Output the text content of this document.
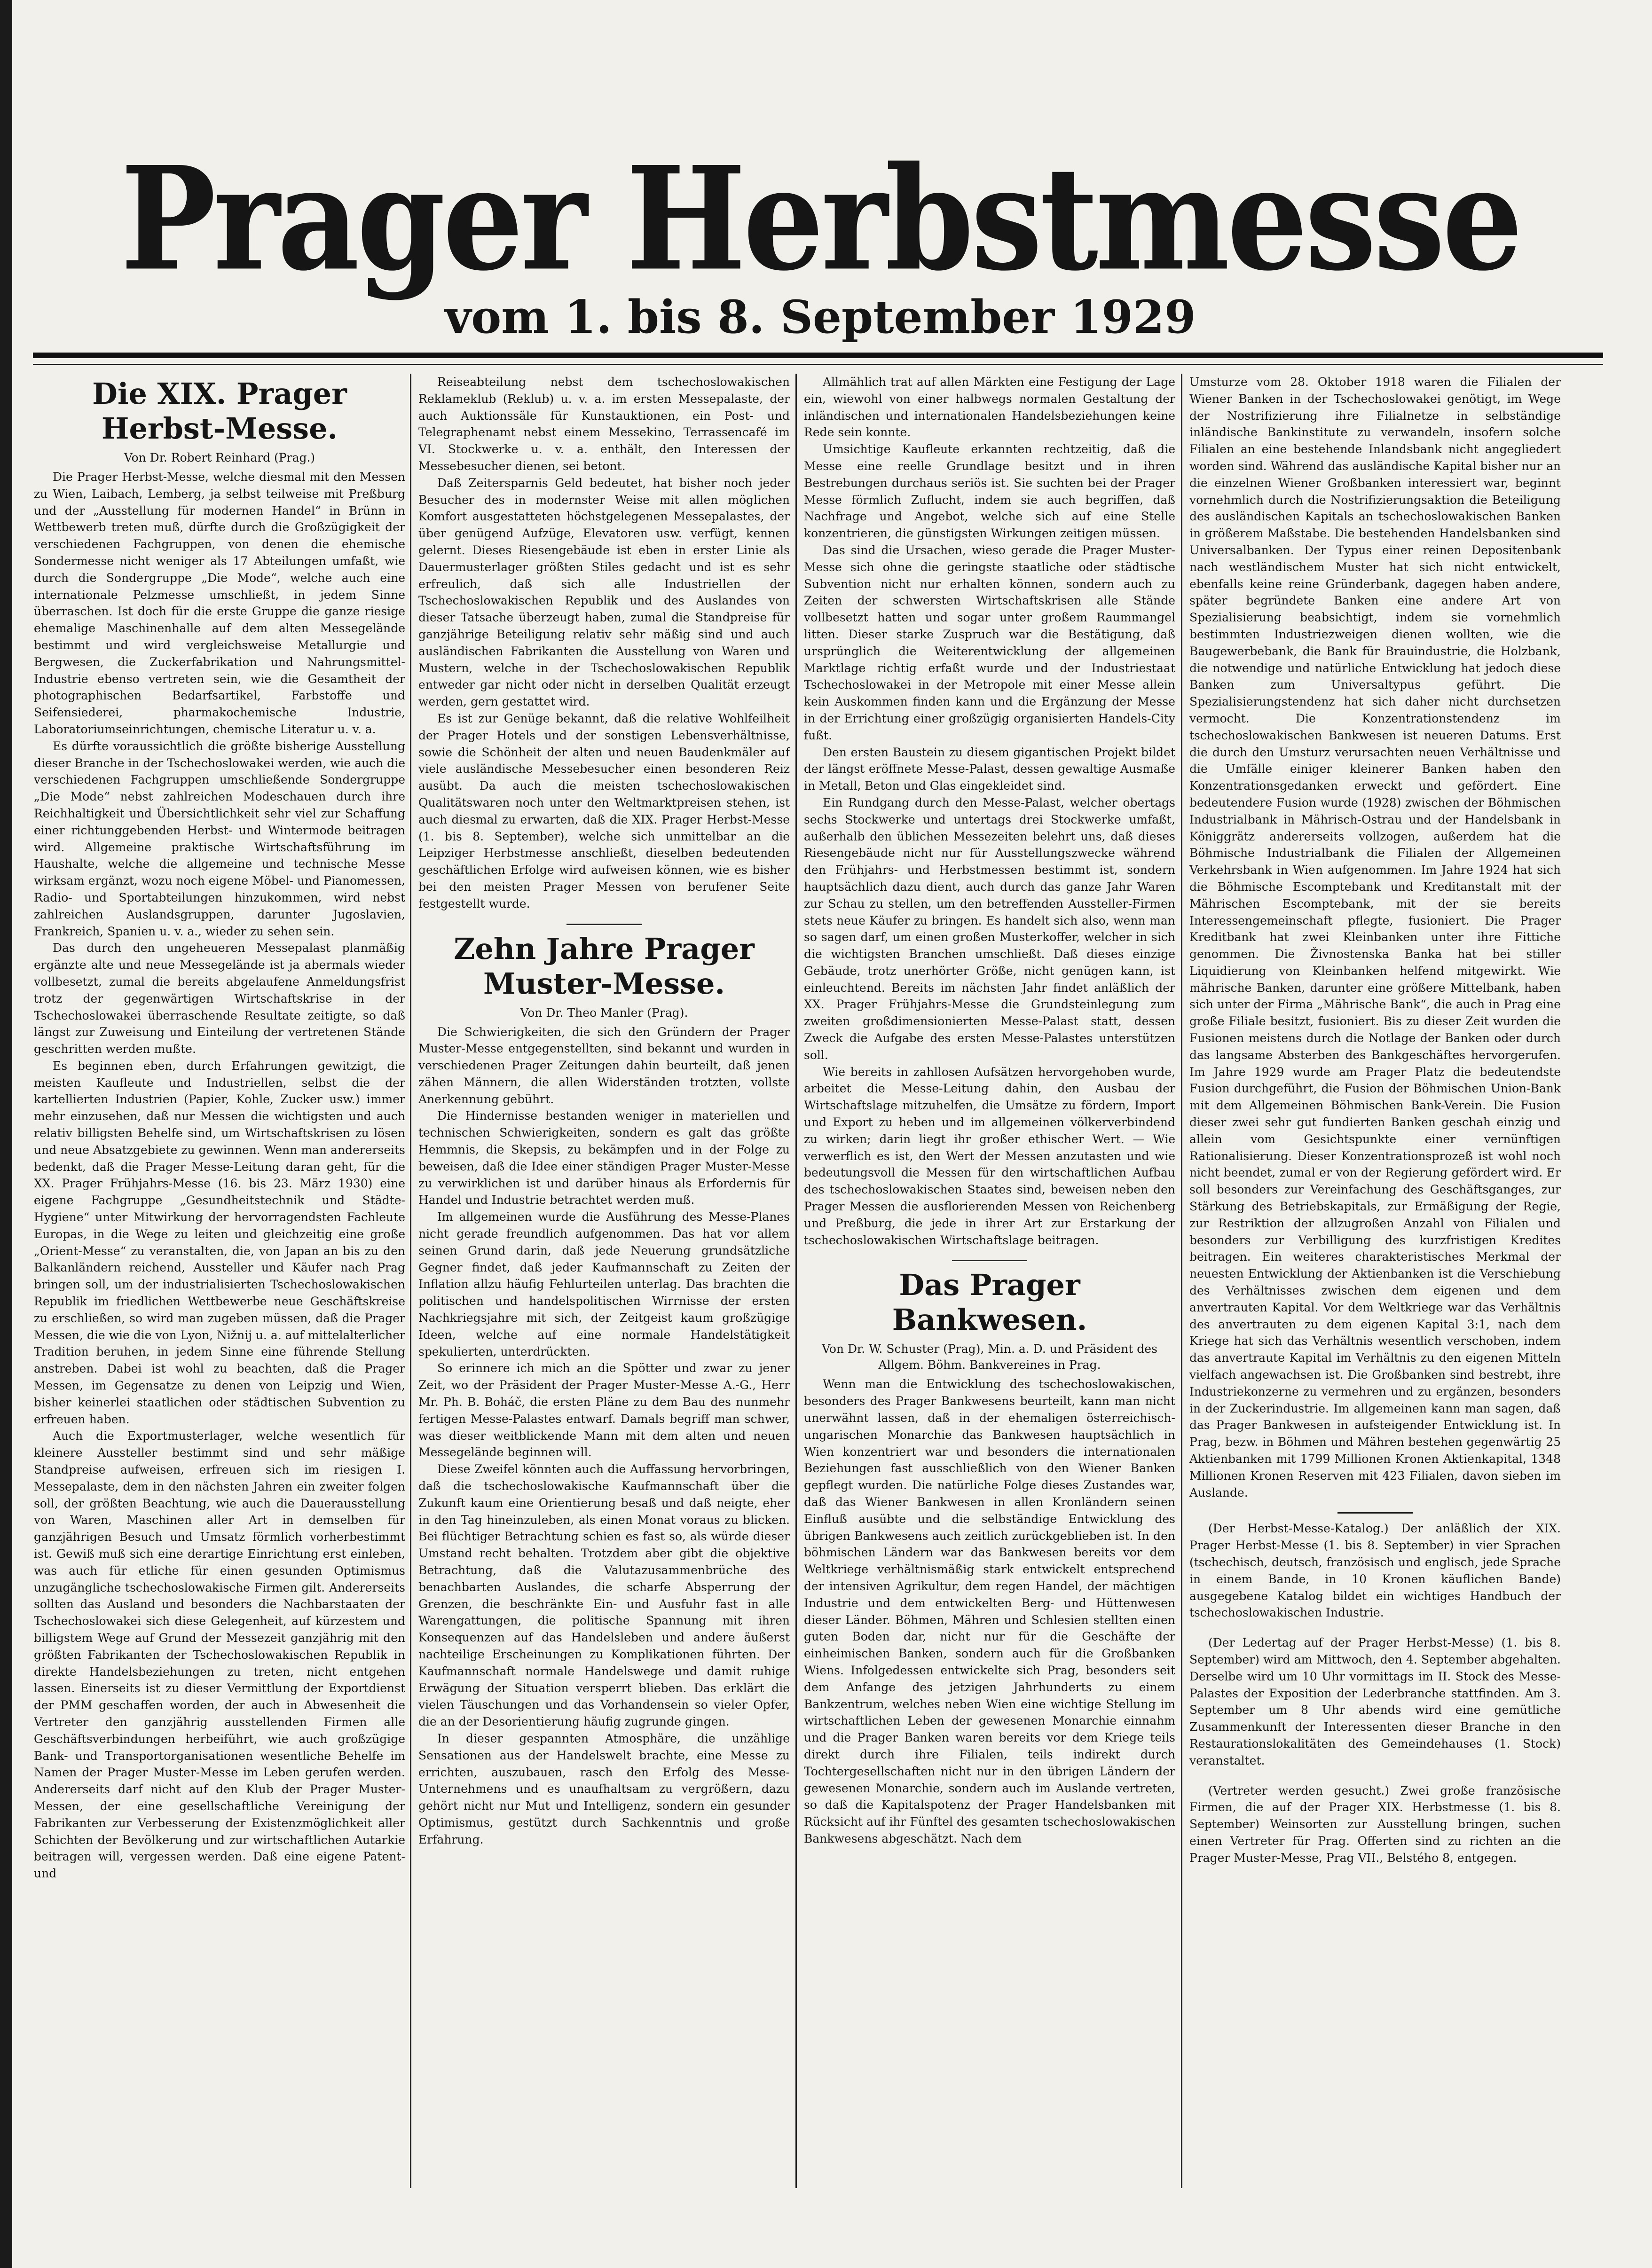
Prager Herbstmesse
vom 1. bis 8. September 1929
Die XIX. Prager Herbst-Messe.
Von Dr. Robert Reinhard (Prag.)

Die Prager Herbst-Messe, welche diesmal mit den Messen zu Wien, Laibach, Lemberg, ja selbst teilweise mit Preßburg und der „Ausstellung für modernen Handel“ in Brünn in Wettbewerb treten muß, dürfte durch die Großzügigkeit der verschiedenen Fachgruppen, von denen die ehemische Sondermesse nicht weniger als 17 Abteilungen umfaßt, wie durch die Sondergruppe „Die Mode“, welche auch eine internationale Pelzmesse umschließt, in jedem Sinne überraschen. Ist doch für die erste Gruppe die ganze riesige ehemalige Maschinenhalle auf dem alten Messegelände bestimmt und wird vergleichsweise Metallurgie und Bergwesen, die Zuckerfabrikation und Nahrungsmittel-Industrie ebenso vertreten sein, wie die Gesamtheit der photographischen Bedarfsartikel, Farbstoffe und Seifensiederei, pharmakochemische Industrie, Laboratoriumseinrichtungen, chemische Literatur u. v. a.

Es dürfte voraussichtlich die größte bisherige Ausstellung dieser Branche in der Tschechoslowakei werden, wie auch die verschiedenen Fachgruppen umschließende Sondergruppe „Die Mode“ nebst zahlreichen Modeschauen durch ihre Reichhaltigkeit und Übersichtlichkeit sehr viel zur Schaffung einer richtunggebenden Herbst- und Wintermode beitragen wird. Allgemeine praktische Wirtschaftsführung im Haushalte, welche die allgemeine und technische Messe wirksam ergänzt, wozu noch eigene Möbel- und Pianomessen, Radio- und Sportabteilungen hinzukommen, wird nebst zahlreichen Auslandsgruppen, darunter Jugoslavien, Frankreich, Spanien u. v. a., wieder zu sehen sein.

Das durch den ungeheueren Messepalast planmäßig ergänzte alte und neue Messegelände ist ja abermals wieder vollbesetzt, zumal die bereits abgelaufene Anmeldungsfrist trotz der gegenwärtigen Wirtschaftskrise in der Tschechoslowakei überraschende Resultate zeitigte, so daß längst zur Zuweisung und Einteilung der vertretenen Stände geschritten werden mußte.

Es beginnen eben, durch Erfahrungen gewitzigt, die meisten Kaufleute und Industriellen, selbst die der kartellierten Industrien (Papier, Kohle, Zucker usw.) immer mehr einzusehen, daß nur Messen die wichtigsten und auch relativ billigsten Behelfe sind, um Wirtschaftskrisen zu lösen und neue Absatzgebiete zu gewinnen. Wenn man andererseits bedenkt, daß die Prager Messe-Leitung daran geht, für die XX. Prager Frühjahrs-Messe (16. bis 23. März 1930) eine eigene Fachgruppe „Gesundheitstechnik und Städte-Hygiene“ unter Mitwirkung der hervorragendsten Fachleute Europas, in die Wege zu leiten und gleichzeitig eine große „Orient-Messe“ zu veranstalten, die, von Japan an bis zu den Balkanländern reichend, Aussteller und Käufer nach Prag bringen soll, um der industrialisierten Tschechoslowakischen Republik im friedlichen Wettbewerbe neue Geschäftskreise zu erschließen, so wird man zugeben müssen, daß die Prager Messen, die wie die von Lyon, Nižnij u. a. auf mittelalterlicher Tradition beruhen, in jedem Sinne eine führende Stellung anstreben. Dabei ist wohl zu beachten, daß die Prager Messen, im Gegensatze zu denen von Leipzig und Wien, bisher keinerlei staatlichen oder städtischen Subvention zu erfreuen haben.

Auch die Exportmusterlager, welche wesentlich für kleinere Aussteller bestimmt sind und sehr mäßige Standpreise aufweisen, erfreuen sich im riesigen I. Messepalaste, dem in den nächsten Jahren ein zweiter folgen soll, der größten Beachtung, wie auch die Dauerausstellung von Waren, Maschinen aller Art in demselben für ganzjährigen Besuch und Umsatz förmlich vorherbestimmt ist. Gewiß muß sich eine derartige Einrichtung erst einleben, was auch für etliche für einen gesunden Optimismus unzugängliche tschechoslowakische Firmen gilt. Andererseits sollten das Ausland und besonders die Nachbarstaaten der Tschechoslowakei sich diese Gelegenheit, auf kürzestem und billigstem Wege auf Grund der Messezeit ganzjährig mit den größten Fabrikanten der Tschechoslowakischen Republik in direkte Handelsbeziehungen zu treten, nicht entgehen lassen. Einerseits ist zu dieser Vermittlung der Exportdienst der PMM geschaffen worden, der auch in Abwesenheit die Vertreter den ganzjährig ausstellenden Firmen alle Geschäftsverbindungen herbeiführt, wie auch großzügige Bank- und Transportorganisationen wesentliche Behelfe im Namen der Prager Muster-Messe im Leben gerufen werden. Andererseits darf nicht auf den Klub der Prager Muster-Messen, der eine gesellschaftliche Vereinigung der Fabrikanten zur Verbesserung der Existenzmöglichkeit aller Schichten der Bevölkerung und zur wirtschaftlichen Autarkie beitragen will, vergessen werden. Daß eine eigene Patent- und

Reiseabteilung nebst dem tschechoslowakischen Reklameklub (Reklub) u. v. a. im ersten Messepalaste, der auch Auktionssäle für Kunstauktionen, ein Post- und Telegraphenamt nebst einem Messekino, Terrassencafé im VI. Stockwerke u. v. a. enthält, den Interessen der Messebesucher dienen, sei betont.

Daß Zeitersparnis Geld bedeutet, hat bisher noch jeder Besucher des in modernster Weise mit allen möglichen Komfort ausgestatteten höchstgelegenen Messepalastes, der über genügend Aufzüge, Elevatoren usw. verfügt, kennen gelernt. Dieses Riesengebäude ist eben in erster Linie als Dauermusterlager größten Stiles gedacht und ist es sehr erfreulich, daß sich alle Industriellen der Tschechoslowakischen Republik und des Auslandes von dieser Tatsache überzeugt haben, zumal die Standpreise für ganzjährige Beteiligung relativ sehr mäßig sind und auch ausländischen Fabrikanten die Ausstellung von Waren und Mustern, welche in der Tschechoslowakischen Republik entweder gar nicht oder nicht in derselben Qualität erzeugt werden, gern gestattet wird.

Es ist zur Genüge bekannt, daß die relative Wohlfeilheit der Prager Hotels und der sonstigen Lebensverhältnisse, sowie die Schönheit der alten und neuen Baudenkmäler auf viele ausländische Messebesucher einen besonderen Reiz ausübt. Da auch die meisten tschechoslowakischen Qualitätswaren noch unter den Weltmarktpreisen stehen, ist auch diesmal zu erwarten, daß die XIX. Prager Herbst-Messe (1. bis 8. September), welche sich unmittelbar an die Leipziger Herbstmesse anschließt, dieselben bedeutenden geschäftlichen Erfolge wird aufweisen können, wie es bisher bei den meisten Prager Messen von berufener Seite festgestellt wurde.

Zehn Jahre Prager Muster-Messe.
Von Dr. Theo Manler (Prag).

Die Schwierigkeiten, die sich den Gründern der Prager Muster-Messe entgegenstellten, sind bekannt und wurden in verschiedenen Prager Zeitungen dahin beurteilt, daß jenen zähen Männern, die allen Widerständen trotzten, vollste Anerkennung gebührt.

Die Hindernisse bestanden weniger in materiellen und technischen Schwierigkeiten, sondern es galt das größte Hemmnis, die Skepsis, zu bekämpfen und in der Folge zu beweisen, daß die Idee einer ständigen Prager Muster-Messe zu verwirklichen ist und darüber hinaus als Erfordernis für Handel und Industrie betrachtet werden muß.

Im allgemeinen wurde die Ausführung des Messe-Planes nicht gerade freundlich aufgenommen. Das hat vor allem seinen Grund darin, daß jede Neuerung grundsätzliche Gegner findet, daß jeder Kaufmannschaft zu Zeiten der Inflation allzu häufig Fehlurteilen unterlag. Das brachten die politischen und handelspolitischen Wirrnisse der ersten Nachkriegsjahre mit sich, der Zeitgeist kaum großzügige Ideen, welche auf eine normale Handelstätigkeit spekulierten, unterdrückten.

So erinnere ich mich an die Spötter und zwar zu jener Zeit, wo der Präsident der Prager Muster-Messe A.-G., Herr Mr. Ph. B. Boháč, die ersten Pläne zu dem Bau des nunmehr fertigen Messe-Palastes entwarf. Damals begriff man schwer, was dieser weitblickende Mann mit dem alten und neuen Messegelände beginnen will.

Diese Zweifel könnten auch die Auffassung hervorbringen, daß die tschechoslowakische Kaufmannschaft über die Zukunft kaum eine Orientierung besaß und daß neigte, eher in den Tag hineinzuleben, als einen Monat voraus zu blicken. Bei flüchtiger Betrachtung schien es fast so, als würde dieser Umstand recht behalten. Trotzdem aber gibt die objektive Betrachtung, daß die Valutazusammenbrüche des benachbarten Auslandes, die scharfe Absperrung der Grenzen, die beschränkte Ein- und Ausfuhr fast in alle Warengattungen, die politische Spannung mit ihren Konsequenzen auf das Handelsleben und andere äußerst nachteilige Erscheinungen zu Komplikationen führten. Der Kaufmannschaft normale Handelswege und damit ruhige Erwägung der Situation versperrt blieben. Das erklärt die vielen Täuschungen und das Vorhandensein so vieler Opfer, die an der Desorientierung häufig zugrunde gingen.

In dieser gespannten Atmosphäre, die unzählige Sensationen aus der Handelswelt brachte, eine Messe zu errichten, auszubauen, rasch den Erfolg des Messe-Unternehmens und es unaufhaltsam zu vergrößern, dazu gehört nicht nur Mut und Intelligenz, sondern ein gesunder Optimismus, gestützt durch Sachkenntnis und große Erfahrung.

Allmählich trat auf allen Märkten eine Festigung der Lage ein, wiewohl von einer halbwegs normalen Gestaltung der inländischen und internationalen Handelsbeziehungen keine Rede sein konnte.

Umsichtige Kaufleute erkannten rechtzeitig, daß die Messe eine reelle Grundlage besitzt und in ihren Bestrebungen durchaus seriös ist. Sie suchten bei der Prager Messe förmlich Zuflucht, indem sie auch begriffen, daß Nachfrage und Angebot, welche sich auf eine Stelle konzentrieren, die günstigsten Wirkungen zeitigen müssen.

Das sind die Ursachen, wieso gerade die Prager Muster-Messe sich ohne die geringste staatliche oder städtische Subvention nicht nur erhalten können, sondern auch zu Zeiten der schwersten Wirtschaftskrisen alle Stände vollbesetzt hatten und sogar unter großem Raummangel litten. Dieser starke Zuspruch war die Bestätigung, daß ursprünglich die Weiterentwicklung der allgemeinen Marktlage richtig erfaßt wurde und der Industriestaat Tschechoslowakei in der Metropole mit einer Messe allein kein Auskommen finden kann und die Ergänzung der Messe in der Errichtung einer großzügig organisierten Handels-City fußt.

Den ersten Baustein zu diesem gigantischen Projekt bildet der längst eröffnete Messe-Palast, dessen gewaltige Ausmaße in Metall, Beton und Glas eingekleidet sind.

Ein Rundgang durch den Messe-Palast, welcher obertags sechs Stockwerke und untertags drei Stockwerke umfaßt, außerhalb den üblichen Messezeiten belehrt uns, daß dieses Riesengebäude nicht nur für Ausstellungszwecke während den Frühjahrs- und Herbstmessen bestimmt ist, sondern hauptsächlich dazu dient, auch durch das ganze Jahr Waren zur Schau zu stellen, um den betreffenden Aussteller-Firmen stets neue Käufer zu bringen. Es handelt sich also, wenn man so sagen darf, um einen großen Musterkoffer, welcher in sich die wichtigsten Branchen umschließt. Daß dieses einzige Gebäude, trotz unerhörter Größe, nicht genügen kann, ist einleuchtend. Bereits im nächsten Jahr findet anläßlich der XX. Prager Frühjahrs-Messe die Grundsteinlegung zum zweiten großdimensionierten Messe-Palast statt, dessen Zweck die Aufgabe des ersten Messe-Palastes unterstützen soll.

Wie bereits in zahllosen Aufsätzen hervorgehoben wurde, arbeitet die Messe-Leitung dahin, den Ausbau der Wirtschaftslage mitzuhelfen, die Umsätze zu fördern, Import und Export zu heben und im allgemeinen völkerverbindend zu wirken; darin liegt ihr großer ethischer Wert. — Wie verwerflich es ist, den Wert der Messen anzutasten und wie bedeutungsvoll die Messen für den wirtschaftlichen Aufbau des tschechoslowakischen Staates sind, beweisen neben den Prager Messen die ausflorierenden Messen von Reichenberg und Preßburg, die jede in ihrer Art zur Erstarkung der tschechoslowakischen Wirtschaftslage beitragen.

Das Prager Bankwesen.
Von Dr. W. Schuster (Prag), Min. a. D. und Präsident des Allgem. Böhm. Bankvereines in Prag.

Wenn man die Entwicklung des tschechoslowakischen, besonders des Prager Bankwesens beurteilt, kann man nicht unerwähnt lassen, daß in der ehemaligen österreichisch-ungarischen Monarchie das Bankwesen hauptsächlich in Wien konzentriert war und besonders die internationalen Beziehungen fast ausschließlich von den Wiener Banken gepflegt wurden. Die natürliche Folge dieses Zustandes war, daß das Wiener Bankwesen in allen Kronländern seinen Einfluß ausübte und die selbständige Entwicklung des übrigen Bankwesens auch zeitlich zurückgeblieben ist. In den böhmischen Ländern war das Bankwesen bereits vor dem Weltkriege verhältnismäßig stark entwickelt entsprechend der intensiven Agrikultur, dem regen Handel, der mächtigen Industrie und dem entwickelten Berg- und Hüttenwesen dieser Länder. Böhmen, Mähren und Schlesien stellten einen guten Boden dar, nicht nur für die Geschäfte der einheimischen Banken, sondern auch für die Großbanken Wiens. Infolgedessen entwickelte sich Prag, besonders seit dem Anfange des jetzigen Jahrhunderts zu einem Bankzentrum, welches neben Wien eine wichtige Stellung im wirtschaftlichen Leben der gewesenen Monarchie einnahm und die Prager Banken waren bereits vor dem Kriege teils direkt durch ihre Filialen, teils indirekt durch Tochtergesellschaften nicht nur in den übrigen Ländern der gewesenen Monarchie, sondern auch im Auslande vertreten, so daß die Kapitalspotenz der Prager Handelsbanken mit Rücksicht auf ihr Fünftel des gesamten tschechoslowakischen Bankwesens abgeschätzt. Nach dem

Umsturze vom 28. Oktober 1918 waren die Filialen der Wiener Banken in der Tschechoslowakei genötigt, im Wege der Nostrifizierung ihre Filialnetze in selbständige inländische Bankinstitute zu verwandeln, insofern solche Filialen an eine bestehende Inlandsbank nicht angegliedert worden sind. Während das ausländische Kapital bisher nur an die einzelnen Wiener Großbanken interessiert war, beginnt vornehmlich durch die Nostrifizierungsaktion die Beteiligung des ausländischen Kapitals an tschechoslowakischen Banken in größerem Maßstabe. Die bestehenden Handelsbanken sind Universalbanken. Der Typus einer reinen Depositenbank nach westländischem Muster hat sich nicht entwickelt, ebenfalls keine reine Gründerbank, dagegen haben andere, später begründete Banken eine andere Art von Spezialisierung beabsichtigt, indem sie vornehmlich bestimmten Industriezweigen dienen wollten, wie die Baugewerbebank, die Bank für Brauindustrie, die Holzbank, die notwendige und natürliche Entwicklung hat jedoch diese Banken zum Universaltypus geführt. Die Spezialisierungstendenz hat sich daher nicht durchsetzen vermocht. Die Konzentrationstendenz im tschechoslowakischen Bankwesen ist neueren Datums. Erst die durch den Umsturz verursachten neuen Verhältnisse und die Umfälle einiger kleinerer Banken haben den Konzentrationsgedanken erweckt und gefördert. Eine bedeutendere Fusion wurde (1928) zwischen der Böhmischen Industrialbank in Mährisch-Ostrau und der Handelsbank in Königgrätz andererseits vollzogen, außerdem hat die Böhmische Industrialbank die Filialen der Allgemeinen Verkehrsbank in Wien aufgenommen. Im Jahre 1924 hat sich die Böhmische Escomptebank und Kreditanstalt mit der Mährischen Escomptebank, mit der sie bereits Interessengemeinschaft pflegte, fusioniert. Die Prager Kreditbank hat zwei Kleinbanken unter ihre Fittiche genommen. Die Živnostenska Banka hat bei stiller Liquidierung von Kleinbanken helfend mitgewirkt. Wie mährische Banken, darunter eine größere Mittelbank, haben sich unter der Firma „Mährische Bank“, die auch in Prag eine große Filiale besitzt, fusioniert. Bis zu dieser Zeit wurden die Fusionen meistens durch die Notlage der Banken oder durch das langsame Absterben des Bankgeschäftes hervorgerufen. Im Jahre 1929 wurde am Prager Platz die bedeutendste Fusion durchgeführt, die Fusion der Böhmischen Union-Bank mit dem Allgemeinen Böhmischen Bank-Verein. Die Fusion dieser zwei sehr gut fundierten Banken geschah einzig und allein vom Gesichtspunkte einer vernünftigen Rationalisierung. Dieser Konzentrationsprozeß ist wohl noch nicht beendet, zumal er von der Regierung gefördert wird. Er soll besonders zur Vereinfachung des Geschäftsganges, zur Stärkung des Betriebskapitals, zur Ermäßigung der Regie, zur Restriktion der allzugroßen Anzahl von Filialen und besonders zur Verbilligung des kurzfristigen Kredites beitragen. Ein weiteres charakteristisches Merkmal der neuesten Entwicklung der Aktienbanken ist die Verschiebung des Verhältnisses zwischen dem eigenen und dem anvertrauten Kapital. Vor dem Weltkriege war das Verhältnis des anvertrauten zu dem eigenen Kapital 3:1, nach dem Kriege hat sich das Verhältnis wesentlich verschoben, indem das anvertraute Kapital im Verhältnis zu den eigenen Mitteln vielfach angewachsen ist. Die Großbanken sind bestrebt, ihre Industriekonzerne zu vermehren und zu ergänzen, besonders in der Zuckerindustrie. Im allgemeinen kann man sagen, daß das Prager Bankwesen in aufsteigender Entwicklung ist. In Prag, bezw. in Böhmen und Mähren bestehen gegenwärtig 25 Aktienbanken mit 1799 Millionen Kronen Aktienkapital, 1348 Millionen Kronen Reserven mit 423 Filialen, davon sieben im Auslande.

(Der Herbst-Messe-Katalog.) Der anläßlich der XIX. Prager Herbst-Messe (1. bis 8. September) in vier Sprachen (tschechisch, deutsch, französisch und englisch, jede Sprache in einem Bande, in 10 Kronen käuflichen Bande) ausgegebene Katalog bildet ein wichtiges Handbuch der tschechoslowakischen Industrie.

(Der Ledertag auf der Prager Herbst-Messe) (1. bis 8. September) wird am Mittwoch, den 4. September abgehalten. Derselbe wird um 10 Uhr vormittags im II. Stock des Messe-Palastes der Exposition der Lederbranche stattfinden. Am 3. September um 8 Uhr abends wird eine gemütliche Zusammenkunft der Interessenten dieser Branche in den Restaurationslokalitäten des Gemeindehauses (1. Stock) veranstaltet.

(Vertreter werden gesucht.) Zwei große französische Firmen, die auf der Prager XIX. Herbstmesse (1. bis 8. September) Weinsorten zur Ausstellung bringen, suchen einen Vertreter für Prag. Offerten sind zu richten an die Prager Muster-Messe, Prag VII., Belstého 8, entgegen.
